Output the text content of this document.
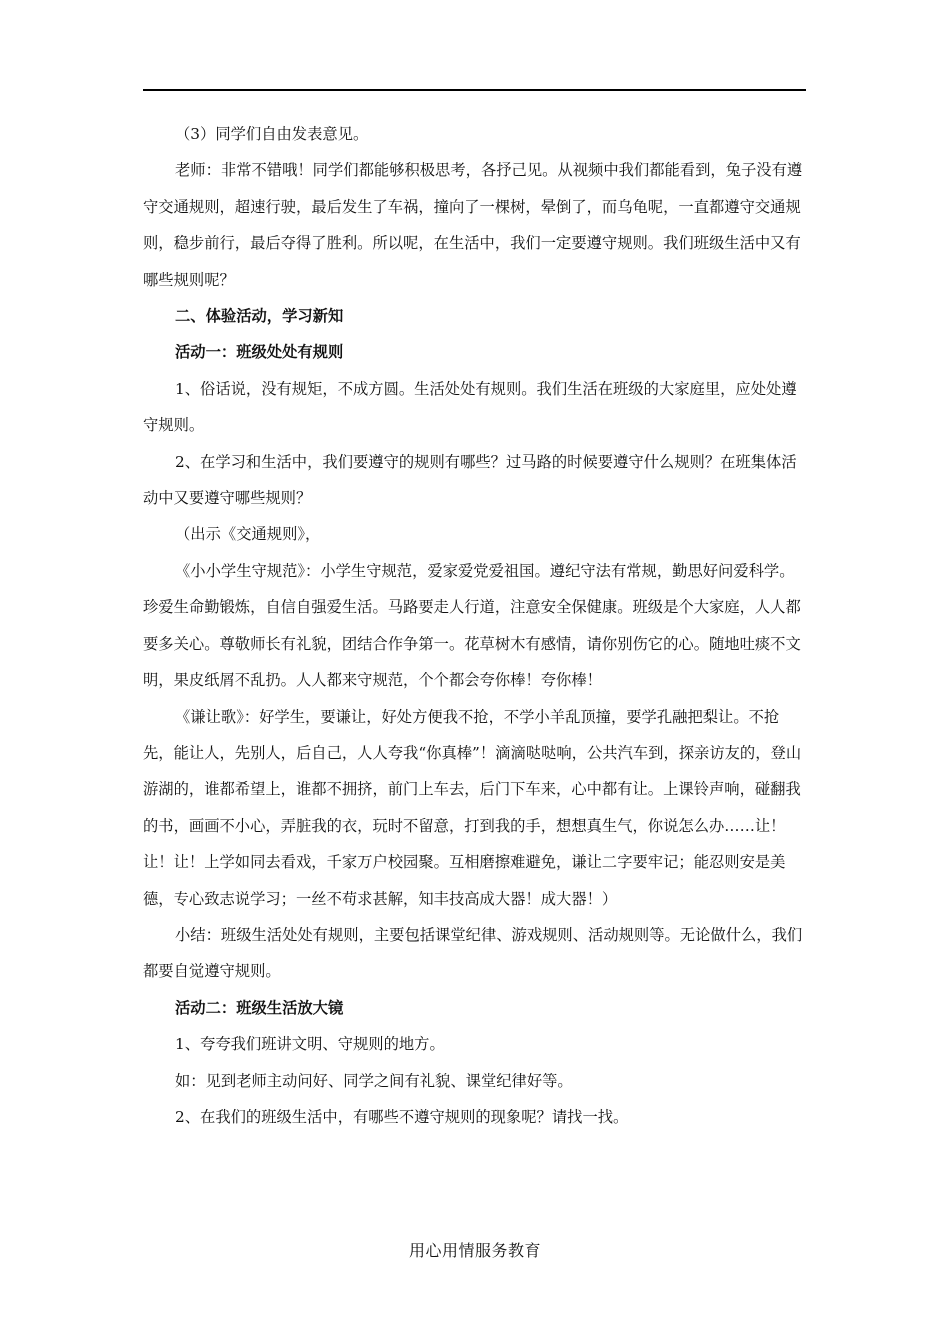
（3）同学们自由发表意见。

老师：非常不错哦！同学们都能够积极思考，各抒己见。从视频中我们都能看到，兔子没有遵守交通规则，超速行驶，最后发生了车祸，撞向了一棵树，晕倒了，而乌龟呢，一直都遵守交通规则，稳步前行，最后夺得了胜利。所以呢，在生活中，我们一定要遵守规则。我们班级生活中又有哪些规则呢？

二、体验活动，学习新知

活动一：班级处处有规则

1、俗话说，没有规矩，不成方圆。生活处处有规则。我们生活在班级的大家庭里，应处处遵守规则。

2、在学习和生活中，我们要遵守的规则有哪些？过马路的时候要遵守什么规则？在班集体活动中又要遵守哪些规则？

（出示《交通规则》，

《小小学生守规范》：小学生守规范，爱家爱党爱祖国。遵纪守法有常规，勤思好问爱科学。珍爱生命勤锻炼，自信自强爱生活。马路要走人行道，注意安全保健康。班级是个大家庭，人人都要多关心。尊敬师长有礼貌，团结合作争第一。花草树木有感情，请你别伤它的心。随地吐痰不文明，果皮纸屑不乱扔。人人都来守规范，个个都会夸你棒！夸你棒！

《谦让歌》：好学生，要谦让，好处方便我不抢，不学小羊乱顶撞，要学孔融把梨让。不抢先，能让人，先别人，后自己，人人夸我“你真棒”！滴滴哒哒响，公共汽车到，探亲访友的，登山游湖的，谁都希望上，谁都不拥挤，前门上车去，后门下车来，心中都有让。上课铃声响，碰翻我的书，画画不小心，弄脏我的衣，玩时不留意，打到我的手，想想真生气，你说怎么办……让！让！让！上学如同去看戏，千家万户校园聚。互相磨擦难避免，谦让二字要牢记；能忍则安是美德，专心致志说学习；一丝不苟求甚解，知丰技高成大器！成大器！）

小结：班级生活处处有规则，主要包括课堂纪律、游戏规则、活动规则等。无论做什么，我们都要自觉遵守规则。

活动二：班级生活放大镜

1、夸夸我们班讲文明、守规则的地方。

如：见到老师主动问好、同学之间有礼貌、课堂纪律好等。

2、在我们的班级生活中，有哪些不遵守规则的现象呢？请找一找。

用心用情服务教育
